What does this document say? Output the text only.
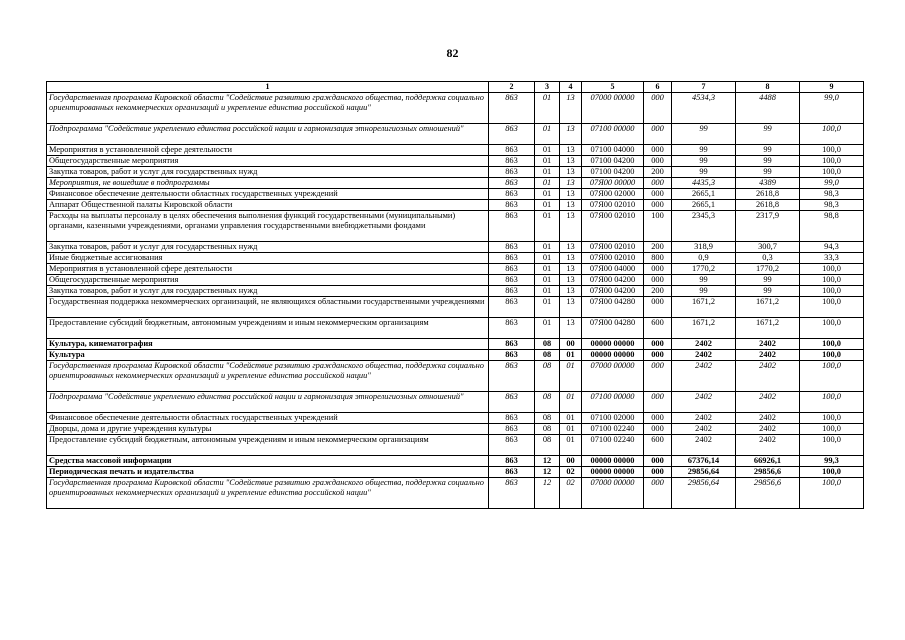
82
1	2	3	4	5	6	7	8	9
Государственная программа Кировской области "Содействие развитию гражданского общества, поддержка социально ориентированных некоммерческих организаций и укрепление единства российской нации"	863	01	13	07000 00000	000	4534,3	4488	99,0
Подпрограмма "Содействие укреплению единства российской нации и гармонизация этнорелигиозных отношений"	863	01	13	07100 00000	000	99	99	100,0
Мероприятия в установленной сфере деятельности	863	01	13	07100 04000	000	99	99	100,0
Общегосударственные мероприятия	863	01	13	07100 04200	000	99	99	100,0
Закупка товаров, работ и услуг для государственных нужд	863	01	13	07100 04200	200	99	99	100,0
Мероприятия, не вошедшие в подпрограммы	863	01	13	07Я00 00000	000	4435,3	4389	99,0
Финансовое обеспечение деятельности областных государственных учреждений	863	01	13	07Я00 02000	000	2665,1	2618,8	98,3
Аппарат Общественной палаты Кировской области	863	01	13	07Я00 02010	000	2665,1	2618,8	98,3
Расходы на выплаты персоналу в целях обеспечения выполнения функций государственными (муниципальными) органами, казенными учреждениями, органами управления государственными внебюджетными фондами	863	01	13	07Я00 02010	100	2345,3	2317,9	98,8
Закупка товаров, работ и услуг для государственных нужд	863	01	13	07Я00 02010	200	318,9	300,7	94,3
Иные бюджетные ассигнования	863	01	13	07Я00 02010	800	0,9	0,3	33,3
Мероприятия в установленной сфере деятельности	863	01	13	07Я00 04000	000	1770,2	1770,2	100,0
Общегосударственные мероприятия	863	01	13	07Я00 04200	000	99	99	100,0
Закупка товаров, работ и услуг для государственных нужд	863	01	13	07Я00 04200	200	99	99	100,0
Государственная поддержка некоммерческих организаций, не являющихся областными государственными учреждениями	863	01	13	07Я00 04280	000	1671,2	1671,2	100,0
Предоставление субсидий бюджетным, автономным учреждениям и иным некоммерческим организациям	863	01	13	07Я00 04280	600	1671,2	1671,2	100,0
Культура, кинематография	863	08	00	00000 00000	000	2402	2402	100,0
Культура	863	08	01	00000 00000	000	2402	2402	100,0
Государственная программа Кировской области "Содействие развитию гражданского общества, поддержка социально ориентированных некоммерческих организаций и укрепление единства российской нации"	863	08	01	07000 00000	000	2402	2402	100,0
Подпрограмма "Содействие укреплению единства российской нации и гармонизация этнорелигиозных отношений"	863	08	01	07100 00000	000	2402	2402	100,0
Финансовое обеспечение деятельности областных государственных учреждений	863	08	01	07100 02000	000	2402	2402	100,0
Дворцы, дома и другие учреждения культуры	863	08	01	07100 02240	000	2402	2402	100,0
Предоставление субсидий бюджетным, автономным учреждениям и иным некоммерческим организациям	863	08	01	07100 02240	600	2402	2402	100,0
Средства массовой информации	863	12	00	00000 00000	000	67376,14	66926,1	99,3
Периодическая печать и издательства	863	12	02	00000 00000	000	29856,64	29856,6	100,0
Государственная программа Кировской области "Содействие развитию гражданского общества, поддержка социально ориентированных некоммерческих организаций и укрепление единства российской нации"	863	12	02	07000 00000	000	29856,64	29856,6	100,0
